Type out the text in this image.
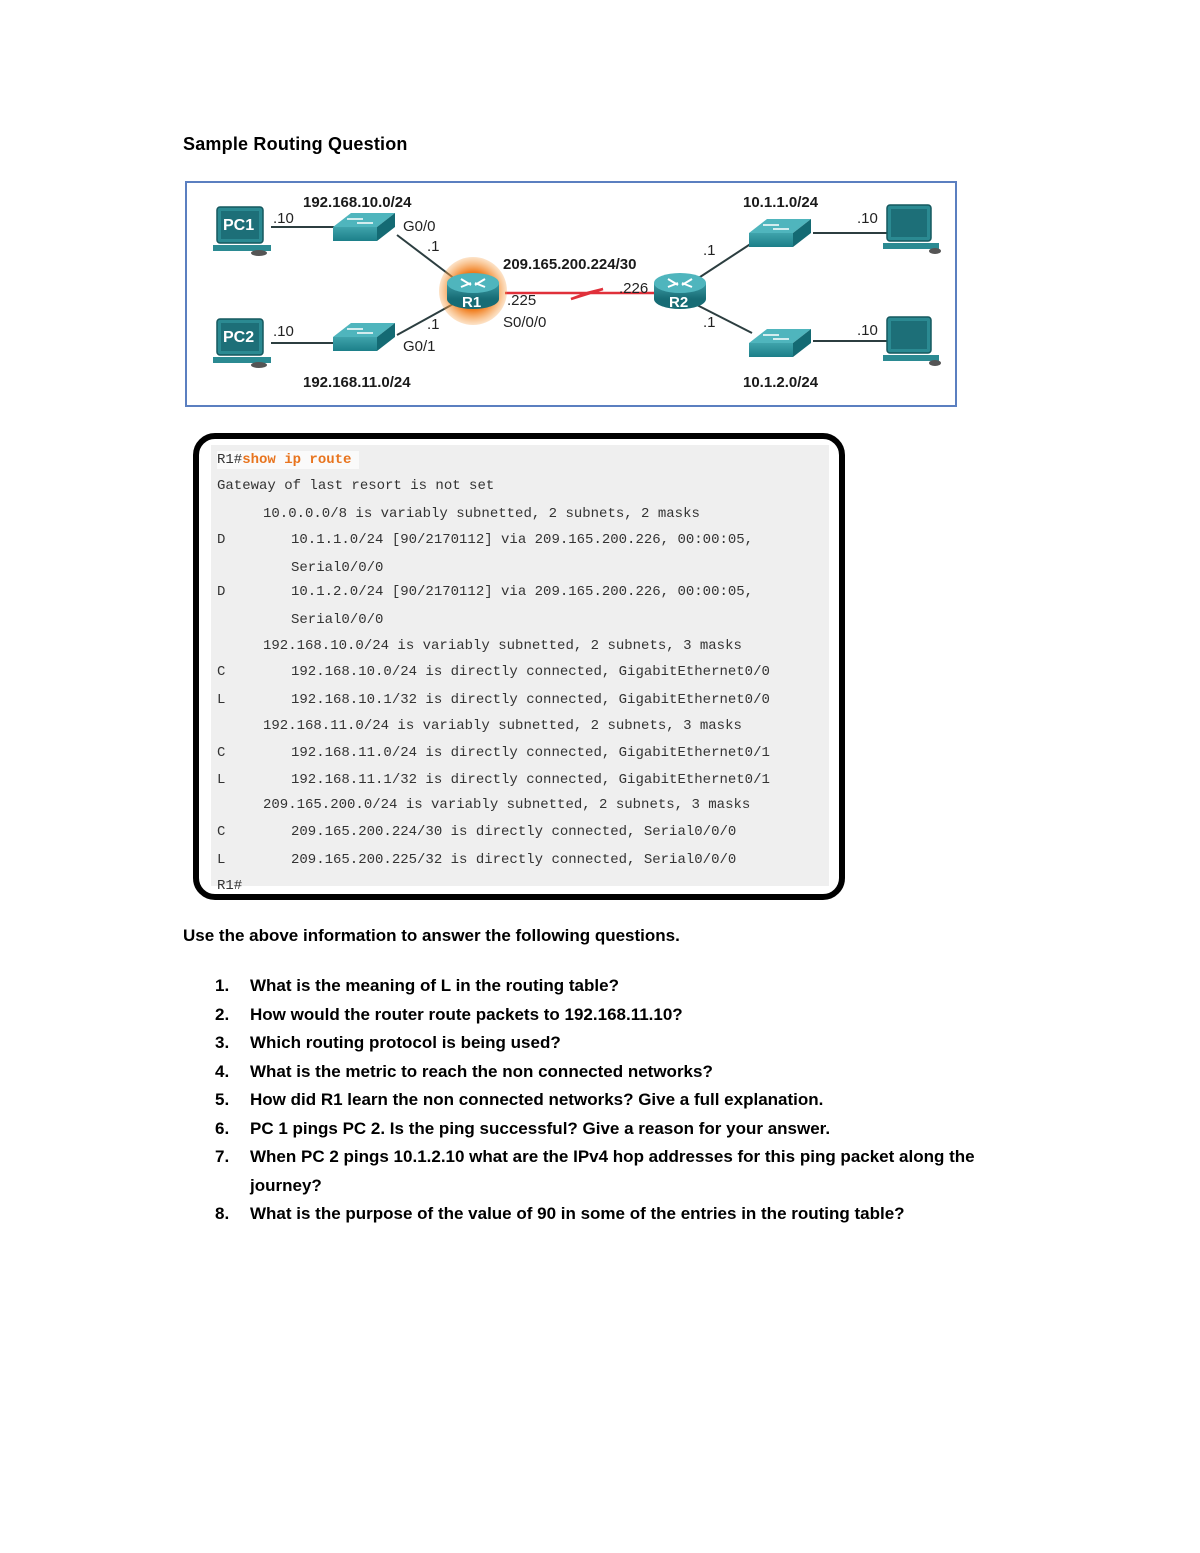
Sample Routing Question
PC1 .10
PC2 .10
192.168.10.0/24
192.168.11.0/24
G0/0
.1
.1
G0/1
R1 .225
S0/0/0
209.165.200.224/30
R2
.226
.1
.1
10.1.1.0/24
10.1.2.0/24
.10
.10
R1#show ip route
Gateway of last resort is not set
10.0.0.0/8 is variably subnetted, 2 subnets, 2 masks
D	10.1.1.0/24 [90/2170112] via 209.165.200.226, 00:00:05,
Serial0/0/0
D	10.1.2.0/24 [90/2170112] via 209.165.200.226, 00:00:05,
Serial0/0/0
192.168.10.0/24 is variably subnetted, 2 subnets, 3 masks
C	192.168.10.0/24 is directly connected, GigabitEthernet0/0
L	192.168.10.1/32 is directly connected, GigabitEthernet0/0
192.168.11.0/24 is variably subnetted, 2 subnets, 3 masks
C	192.168.11.0/24 is directly connected, GigabitEthernet0/1
L	192.168.11.1/32 is directly connected, GigabitEthernet0/1
209.165.200.0/24 is variably subnetted, 2 subnets, 3 masks
C	209.165.200.224/30 is directly connected, Serial0/0/0
L	209.165.200.225/32 is directly connected, Serial0/0/0
R1#
Use the above information to answer the following questions.
1. What is the meaning of L in the routing table?
2. How would the router route packets to 192.168.11.10?
3. Which routing protocol is being used?
4. What is the metric to reach the non connected networks?
5. How did R1 learn the non connected networks? Give a full explanation.
6. PC 1 pings PC 2. Is the ping successful? Give a reason for your answer.
7. When PC 2 pings 10.1.2.10 what are the IPv4 hop addresses for this ping packet along the journey?
8. What is the purpose of the value of 90 in some of the entries in the routing table?
